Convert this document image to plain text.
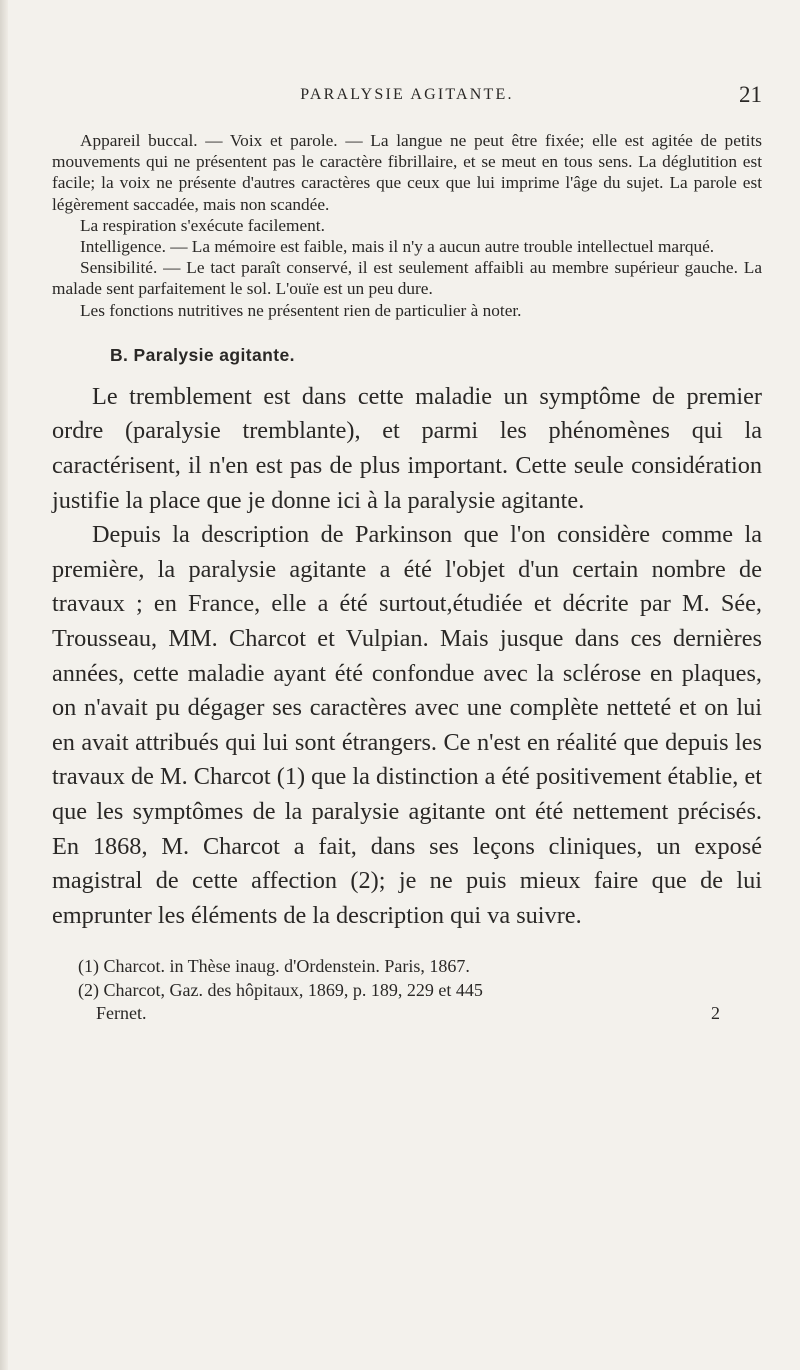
PARALYSIE AGITANTE.	21

Appareil buccal. — Voix et parole. — La langue ne peut être fixée; elle est agitée de petits mouvements qui ne présentent pas le caractère fibrillaire, et se meut en tous sens. La déglutition est facile; la voix ne présente d'autres caractères que ceux que lui imprime l'âge du sujet. La parole est légèrement saccadée, mais non scandée.

La respiration s'exécute facilement.

Intelligence. — La mémoire est faible, mais il n'y a aucun autre trouble intellectuel marqué.

Sensibilité. — Le tact paraît conservé, il est seulement affaibli au membre supérieur gauche. La malade sent parfaitement le sol. L'ouïe est un peu dure.

Les fonctions nutritives ne présentent rien de particulier à noter.

B. Paralysie agitante.

Le tremblement est dans cette maladie un symptôme de premier ordre (paralysie tremblante), et parmi les phénomènes qui la caractérisent, il n'en est pas de plus important. Cette seule considération justifie la place que je donne ici à la paralysie agitante.

Depuis la description de Parkinson que l'on considère comme la première, la paralysie agitante a été l'objet d'un certain nombre de travaux ; en France, elle a été surtout,étudiée et décrite par M. Sée, Trousseau, MM. Charcot et Vulpian. Mais jusque dans ces dernières années, cette maladie ayant été confondue avec la sclérose en plaques, on n'avait pu dégager ses caractères avec une complète netteté et on lui en avait attribués qui lui sont étrangers. Ce n'est en réalité que depuis les travaux de M. Charcot (1) que la distinction a été positivement établie, et que les symptômes de la paralysie agitante ont été nettement précisés. En 1868, M. Charcot a fait, dans ses leçons cliniques, un exposé magistral de cette affection (2); je ne puis mieux faire que de lui emprunter les éléments de la description qui va suivre.

(1) Charcot. in Thèse inaug. d'Ordenstein. Paris, 1867.
(2) Charcot, Gaz. des hôpitaux, 1869, p. 189, 229 et 445
Fernet.	2
